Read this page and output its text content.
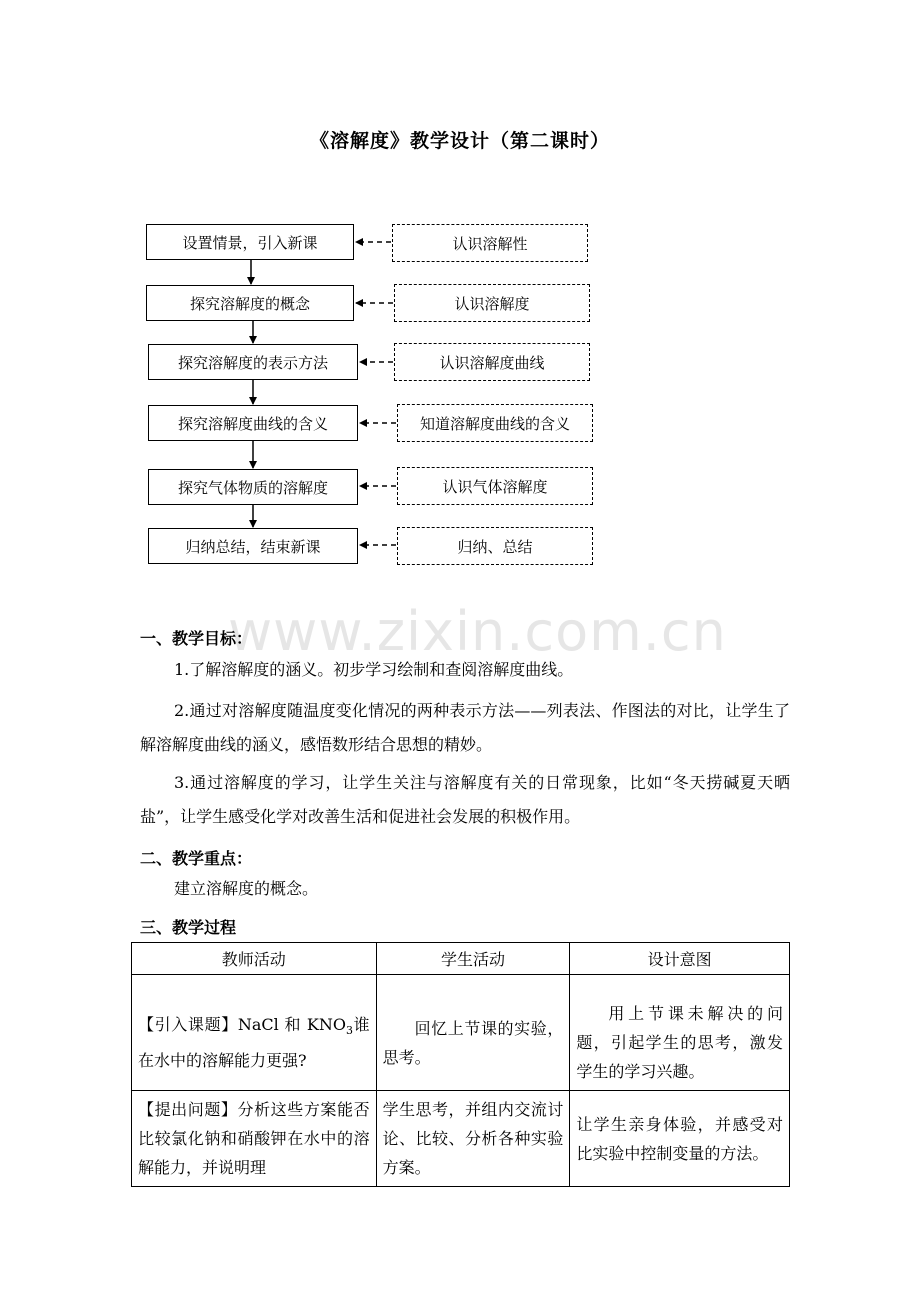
《溶解度》教学设计（第二课时）
www.zixin.com.cn
设置情景，引入新课
探究溶解度的概念
探究溶解度的表示方法
探究溶解度曲线的含义
探究气体物质的溶解度
归纳总结，结束新课
认识溶解性
认识溶解度
认识溶解度曲线
知道溶解度曲线的含义
认识气体溶解度
归纳、总结
一、教学目标：
1.了解溶解度的涵义。初步学习绘制和查阅溶解度曲线。
2.通过对溶解度随温度变化情况的两种表示方法——列表法、作图法的对比，让学生了解溶解度曲线的涵义，感悟数形结合思想的精妙。
3.通过溶解度的学习，让学生关注与溶解度有关的日常现象，比如“冬天捞碱夏天晒盐”，让学生感受化学对改善生活和促进社会发展的积极作用。
二、教学重点：
建立溶解度的概念。
三、教学过程
教师活动	学生活动	设计意图
【引入课题】NaCl 和 $KNO_3$谁在水中的溶解能力更强?	回忆上节课的实验，思考。	用上节课未解决的问题，引起学生的思考，激发学生的学习兴趣。
【提出问题】分析这些方案能否比较氯化钠和硝酸钾在水中的溶解能力，并说明理	学生思考，并组内交流讨论、比较、分析各种实验方案。	让学生亲身体验，并感受对比实验中控制变量的方法。
